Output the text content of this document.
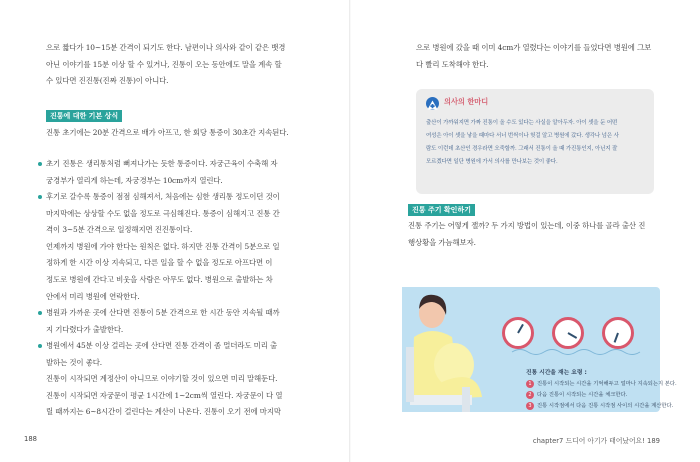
으로 짧다가 10~15분 간격이 되기도 한다. 남편이나 의사와 같이 같은 뱃경
아닌 이야기를 15분 이상 할 수 있거나, 진통이 오는 동안에도 말을 계속 할
수 있다면 진진통(진짜 진통)이 아니다.

진통에 대한 기본 상식

진통 초기에는 20분 간격으로 배가 아프고, 한 회당 통증이 30초간 지속된다.

초기 진통은 생리통처럼 뻐져나가는 듯한 통증이다. 자궁근육이 수축해 자
궁경부가 열리게 하는데, 자궁경부는 10cm까지 열린다.
후기로 갈수록 통증이 점점 심해져서, 처음에는 심한 생리통 정도이던 것이
마지막에는 상상할 수도 없을 정도로 극심해진다. 통증이 심해지고 진통 간
격이 3~5분 간격으로 일정해지면 진진통이다.
언제까지 병원에 가야 한다는 원칙은 없다. 하지만 진통 간격이 5분으로 일
정하게 한 시간 이상 지속되고, 다른 일을 할 수 없을 정도로 아프다면 이
정도로 병원에 간다고 비웃을 사람은 아무도 없다. 병원으로 출발하는 차
안에서 미리 병원에 연락한다.
병원과 가까운 곳에 산다면 진통이 5분 간격으로 한 시간 동안 지속될 때까
지 기다렸다가 출발한다.
병원에서 45분 이상 걸리는 곳에 산다면 진통 간격이 좀 멀더라도 미리 출
발하는 것이 좋다.
진통이 시작되면 계정산이 아니므로 이야기할 것이 있으면 미리 말해둔다.
진통이 시작되면 자궁문이 평균 1시간에 1~2cm씩 열린다. 자궁문이 다 열
릴 때까지는 6~8시간이 걸린다는 계산이 나온다. 진통이 오기 전에 마지막
188

으로 병원에 갔을 때 이미 4cm가 열렸다는 이야기를 들었다면 병원에 그보
다 빨리 도착해야 한다.

의사의 한마디
출산이 가까워지면 가짜 진통이 올 수도 있다는 사실을 알아두자. 아이 셋을 둔 어떤
여성은 아이 셋을 낳을 때마다 서너 번씩이나 헛걸 알고 병원에 갔다. 생각나 넘은 사
람도 이런데 초산인 경우라면 오죽할까. 그래서 진통이 올 때 가진통인지, 아닌지 잘
모르겠다면 일단 병원에 가서 의사를 만나보는 것이 좋다.
진통 주기 확인하기

진통 주기는 어떻게 잴까? 두 가지 방법이 있는데, 이중 하나를 골라 출산 진
행상황을 가늠해보자.

진통 시간을 재는 요령 :
1 진통이 시작되는 시간을 기억해두고 얼마나 지속되는지 본다.
2 다음 진통이 시작되는 시간을 체크한다.
3 진통 시작점에서 다음 진통 시작점 사이의 시간을 계산한다.
chapter7 드디어 아기가 태어났어요! 189
